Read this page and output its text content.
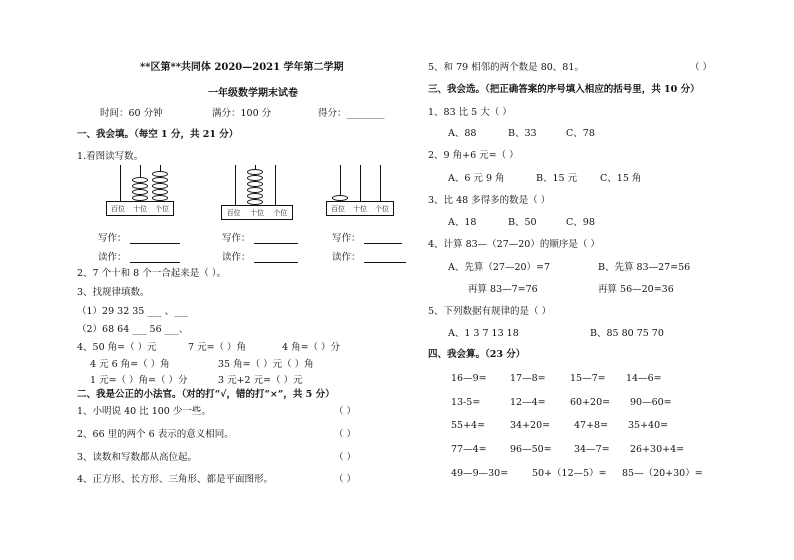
**区第**共同体 2020—2021 学年第二学期
一年级数学期末试卷
时间：60 分钟	满分：100 分	得分：________
一、我会填。（每空 1 分，共 21 分）
1.看图读写数。
百位 十位 个位	百位 十位 个位	百位 十位 个位
写作：	写作：	写作：
读作：	读作：	读作：
2、7 个十和 8 个一合起来是（ ）。
3、找规律填数。
（1）29 32 35 ___ 、___
（2）68 64 ___ 56 ___、
4、50 角=（ ）元	7 元=（ ）角	4 角=（ ）分
4 元 6 角=（ ）角	35 角=（ ）元（ ）角
1 元=（ ）角=（ ）分	3 元+2 元=（ ）元
二、我是公正的小法官。（对的打“√，错的打“×”，共 5 分）
1、小明说 40 比 100 少一些。	（ ）
2、66 里的两个 6 表示的意义相同。	（ ）
3、读数和写数都从高位起。	（ ）
4、正方形、长方形、三角形、都是平面图形。	（ ）
5、和 79 相邻的两个数是 80、81。	（ ）
三、我会选。（把正确答案的序号填入相应的括号里，共 10 分）
1、83 比 5 大（ ）
A、88	B、33	C、78
2、9 角+6 元=（ ）
A、6 元 9 角	B、15 元 C、15 角
3、比 48 多得多的数是（ ）
A、18	B、50	C、98
4、计算 83—（27—20）的顺序是（ ）
A、先算（27—20）=7	B、先算 83—27=56
再算 83—7=76	再算 56—20=36
5、下列数据有规律的是（ ）
A、1 3 7 13 18	B、85 80 75 70
四、我会算。（23 分）
16—9= 17—8=	15—7= 14—6=
13-5=	12—4=	60+20= 90—60=
55+4=	34+20=	47+8= 35+40=
77—4= 96—50= 34—7= 26+30+4=
49—9—30=	50+（12—5）= 85—（20+30）=
